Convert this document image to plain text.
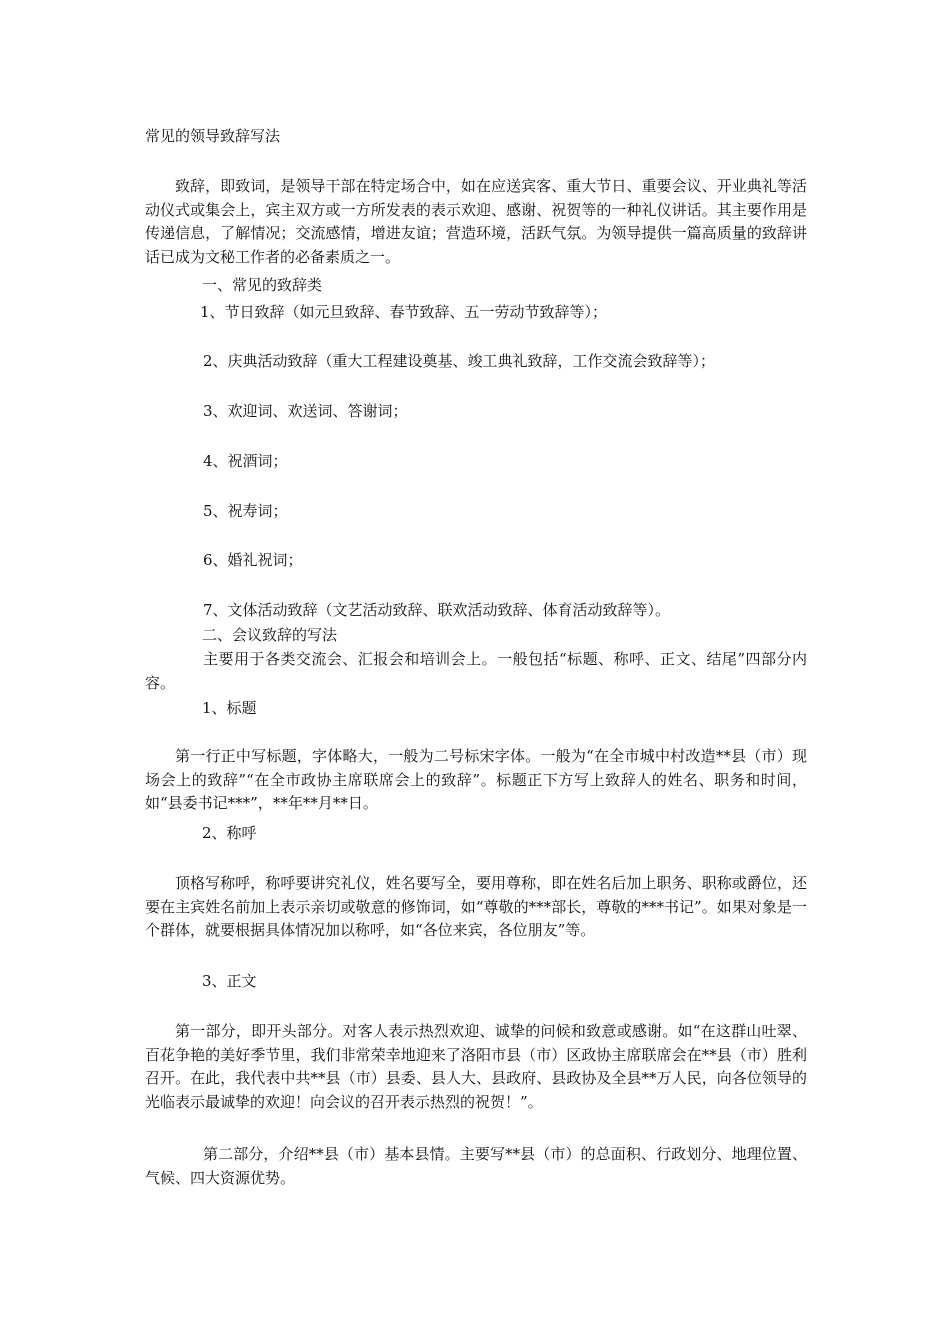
常见的领导致辞写法

致辞，即致词，是领导干部在特定场合中，如在应送宾客、重大节日、重要会议、开业典礼等活动仪式或集会上，宾主双方或一方所发表的表示欢迎、感谢、祝贺等的一种礼仪讲话。其主要作用是传递信息，了解情况；交流感情，增进友谊；营造环境，活跃气氛。为领导提供一篇高质量的致辞讲话已成为文秘工作者的必备素质之一。

一、常见的致辞类
1、节日致辞（如元旦致辞、春节致辞、五一劳动节致辞等）；
2、庆典活动致辞（重大工程建设奠基、竣工典礼致辞，工作交流会致辞等）；
3、欢迎词、欢送词、答谢词；
4、祝酒词；
5、祝寿词；
6、婚礼祝词；
7、文体活动致辞（文艺活动致辞、联欢活动致辞、体育活动致辞等）。
二、会议致辞的写法

主要用于各类交流会、汇报会和培训会上。一般包括“标题、称呼、正文、结尾”四部分内容。

1、标题

第一行正中写标题，字体略大，一般为二号标宋字体。一般为“在全市城中村改造**县（市）现场会上的致辞”“在全市政协主席联席会上的致辞”。标题正下方写上致辞人的姓名、职务和时间，如“县委书记***”，**年**月**日。

2、称呼

顶格写称呼，称呼要讲究礼仪，姓名要写全，要用尊称，即在姓名后加上职务、职称或爵位，还要在主宾姓名前加上表示亲切或敬意的修饰词，如“尊敬的***部长，尊敬的***书记”。如果对象是一个群体，就要根据具体情况加以称呼，如“各位来宾，各位朋友”等。

3、正文

第一部分，即开头部分。对客人表示热烈欢迎、诚挚的问候和致意或感谢。如“在这群山吐翠、百花争艳的美好季节里，我们非常荣幸地迎来了洛阳市县（市）区政协主席联席会在**县（市）胜利召开。在此，我代表中共**县（市）县委、县人大、县政府、县政协及全县**万人民，向各位领导的光临表示最诚挚的欢迎！向会议的召开表示热烈的祝贺！”。

第二部分，介绍**县（市）基本县情。主要写**县（市）的总面积、行政划分、地理位置、气候、四大资源优势。
